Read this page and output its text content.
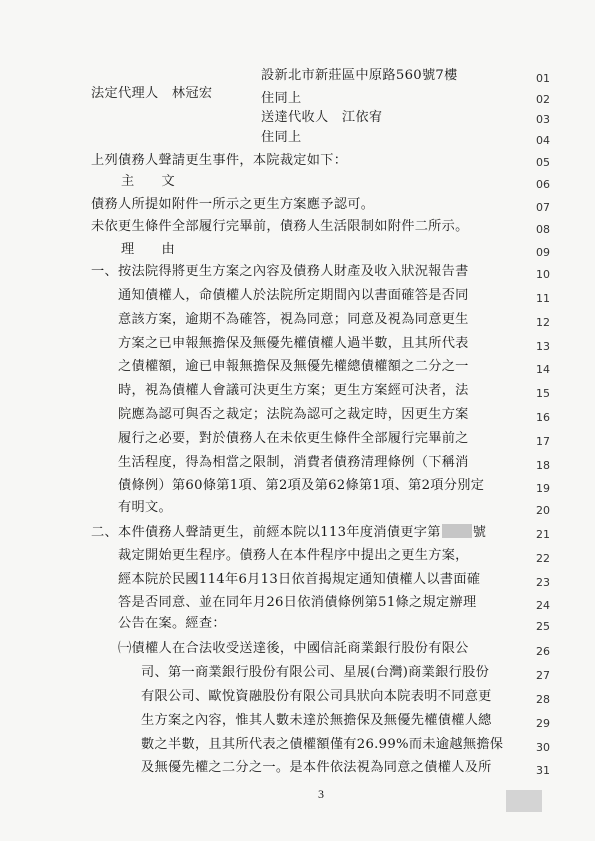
設新北市新莊區中原路560號7樓	01
法定代理人　林冠宏	住同上	02
送達代收人　江依宥	03
住同上	04
上列債務人聲請更生事件，本院裁定如下：	05
主　　文	06
債務人所提如附件一所示之更生方案應予認可。	07
未依更生條件全部履行完畢前，債務人生活限制如附件二所示。	08
理　　由	09
一、按法院得將更生方案之內容及債務人財產及收入狀況報告書	10
通知債權人，命債權人於法院所定期間內以書面確答是否同	11
意該方案，逾期不為確答，視為同意；同意及視為同意更生	12
方案之已申報無擔保及無優先權債權人過半數，且其所代表	13
之債權額，逾已申報無擔保及無優先權總債權額之二分之一	14
時，視為債權人會議可決更生方案；更生方案經可決者，法	15
院應為認可與否之裁定；法院為認可之裁定時，因更生方案	16
履行之必要，對於債務人在未依更生條件全部履行完畢前之	17
生活程度，得為相當之限制，消費者債務清理條例（下稱消	18
債條例）第60條第1項、第2項及第62條第1項、第2項分別定	19
有明文。	20
二、本件債務人聲請更生，前經本院以113年度消債更字第 號	21
裁定開始更生程序。債務人在本件程序中提出之更生方案，	22
經本院於民國114年6月13日依首揭規定通知債權人以書面確	23
答是否同意、並在同年月26日依消債條例第51條之規定辦理	24
公告在案。經查：	25
㈠債權人在合法收受送達後，中國信託商業銀行股份有限公	26
司、第一商業銀行股份有限公司、星展(台灣)商業銀行股份	27
有限公司、歐悅資融股份有限公司具狀向本院表明不同意更	28
生方案之內容，惟其人數未達於無擔保及無優先權債權人總	29
數之半數，且其所代表之債權額僅有26.99%而未逾越無擔保	30
及無優先權之二分之一。是本件依法視為同意之債權人及所	31
3
